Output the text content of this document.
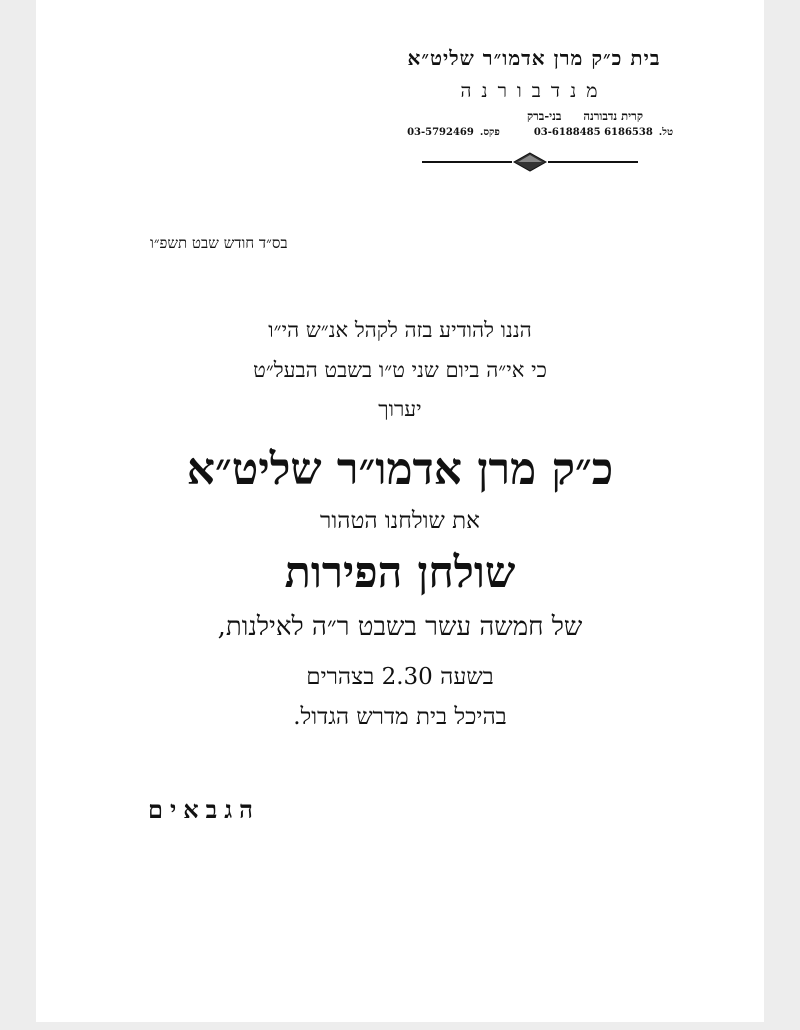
בית כ״ק מרן אדמו״ר שליט״א
מנדבורנה
קרית נדבורנהבני-ברק
טל.03-6188485 6186538פקס.03-5792469
בס״ד חודש שבט תשפ״ו
הננו להודיע בזה לקהל אנ״ש הי״ו
כי אי״ה ביום שני ט״ו בשבט הבעל״ט
יערוך
כ״ק מרן אדמו״ר שליט״א
את שולחנו הטהור
שולחן הפירות
של חמשה עשר בשבט ר״ה לאילנות,
בשעה 2.30 בצהרים
בהיכל בית מדרש הגדול.
הגבאים
